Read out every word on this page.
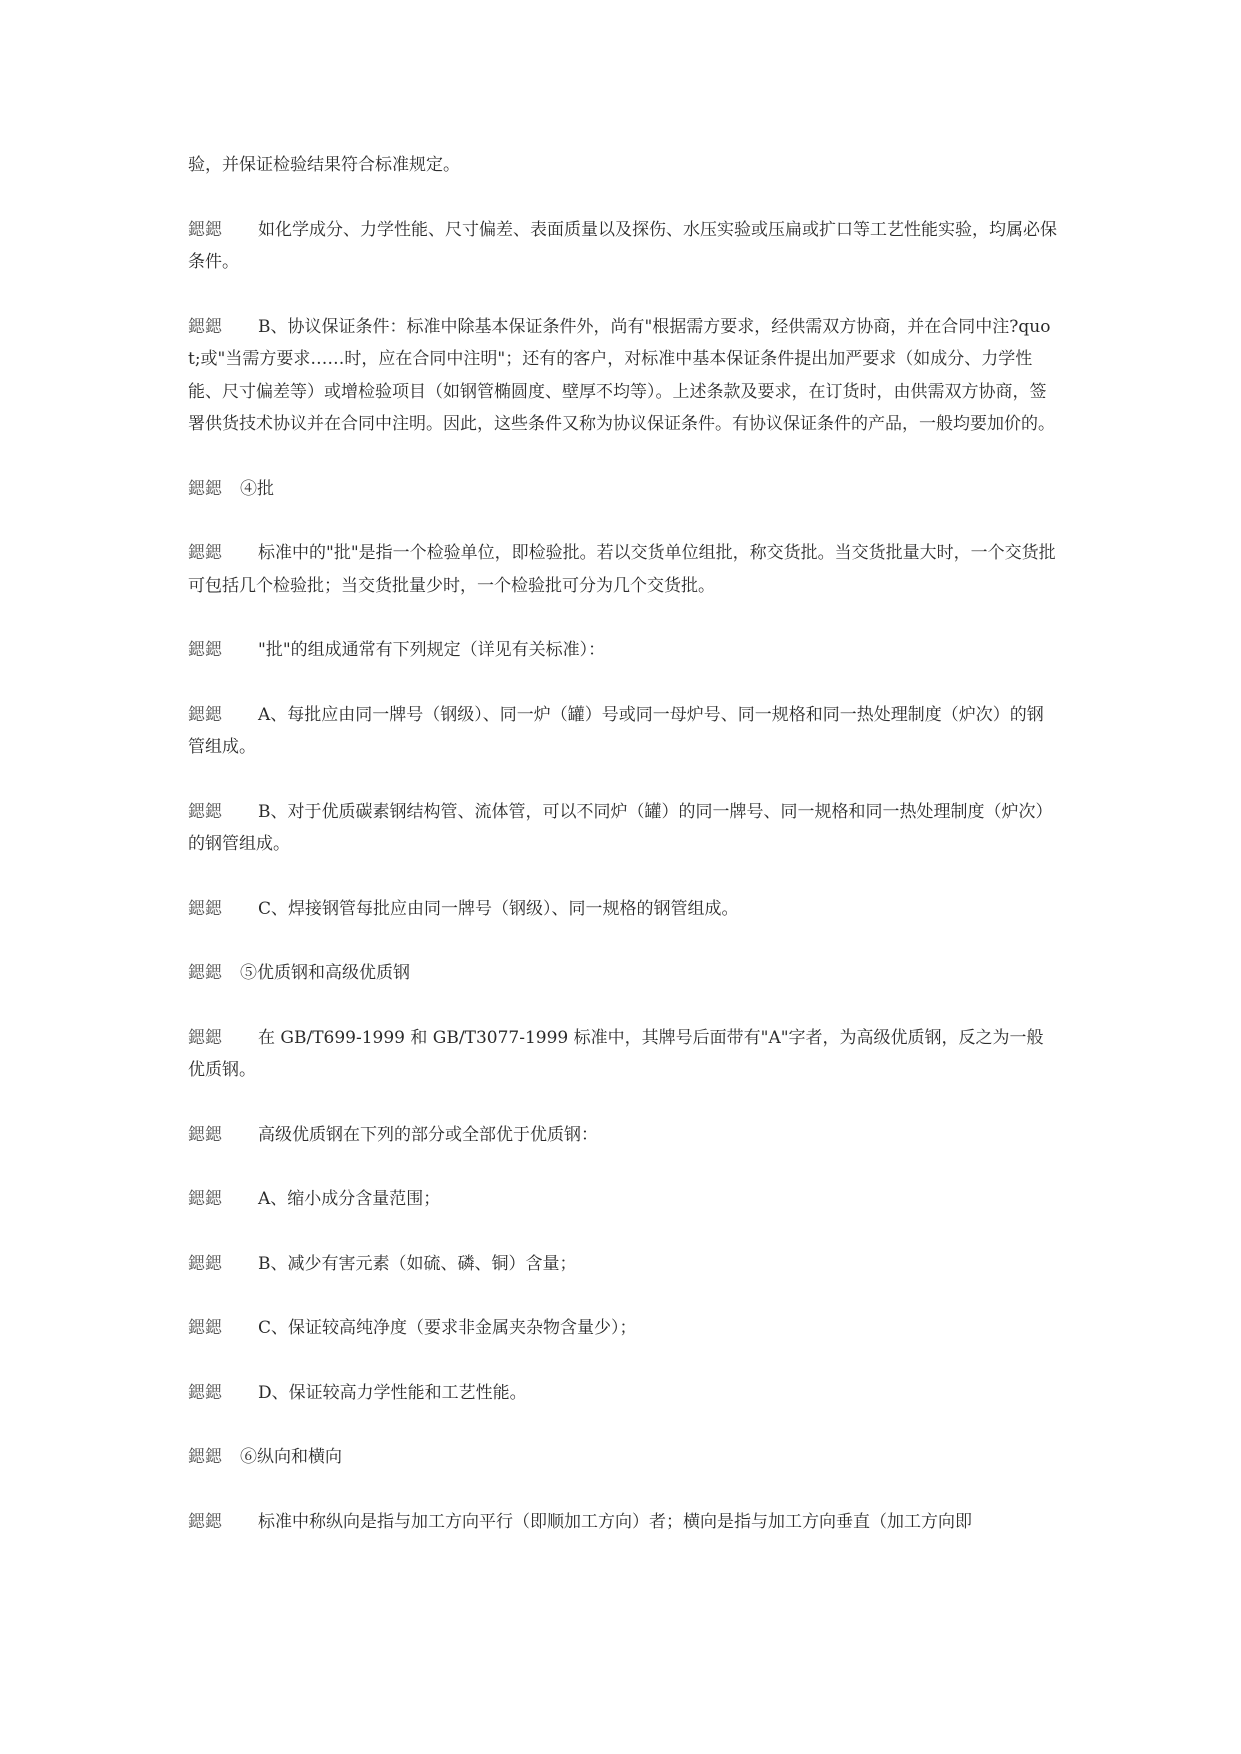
验，并保证检验结果符合标准规定。

鍶鍶 如化学成分、力学性能、尺寸偏差、表面质量以及探伤、水压实验或压扁或扩口等工艺性能实验，均属必保条件。

鍶鍶 B、协议保证条件：标准中除基本保证条件外，尚有"根据需方要求，经供需双方协商，并在合同中注?quot;或"当需方要求……时，应在合同中注明"；还有的客户，对标准中基本保证条件提出加严要求（如成分、力学性能、尺寸偏差等）或增检验项目（如钢管椭圆度、壁厚不均等）。上述条款及要求，在订货时，由供需双方协商，签署供货技术协议并在合同中注明。因此，这些条件又称为协议保证条件。有协议保证条件的产品，一般均要加价的。

鍶鍶 ④批

鍶鍶 标准中的"批"是指一个检验单位，即检验批。若以交货单位组批，称交货批。当交货批量大时，一个交货批可包括几个检验批；当交货批量少时，一个检验批可分为几个交货批。

鍶鍶 "批"的组成通常有下列规定（详见有关标准）：

鍶鍶 A、每批应由同一牌号（钢级）、同一炉（罐）号或同一母炉号、同一规格和同一热处理制度（炉次）的钢管组成。

鍶鍶 B、对于优质碳素钢结构管、流体管，可以不同炉（罐）的同一牌号、同一规格和同一热处理制度（炉次）的钢管组成。

鍶鍶 C、焊接钢管每批应由同一牌号（钢级）、同一规格的钢管组成。

鍶鍶 ⑤优质钢和高级优质钢

鍶鍶 在 GB/T699-1999 和 GB/T3077-1999 标准中，其牌号后面带有"A"字者，为高级优质钢，反之为一般优质钢。

鍶鍶 高级优质钢在下列的部分或全部优于优质钢：

鍶鍶 A、缩小成分含量范围；

鍶鍶 B、减少有害元素（如硫、磷、铜）含量；

鍶鍶 C、保证较高纯净度（要求非金属夹杂物含量少）；

鍶鍶 D、保证较高力学性能和工艺性能。

鍶鍶 ⑥纵向和横向

鍶鍶 标准中称纵向是指与加工方向平行（即顺加工方向）者；横向是指与加工方向垂直（加工方向即
